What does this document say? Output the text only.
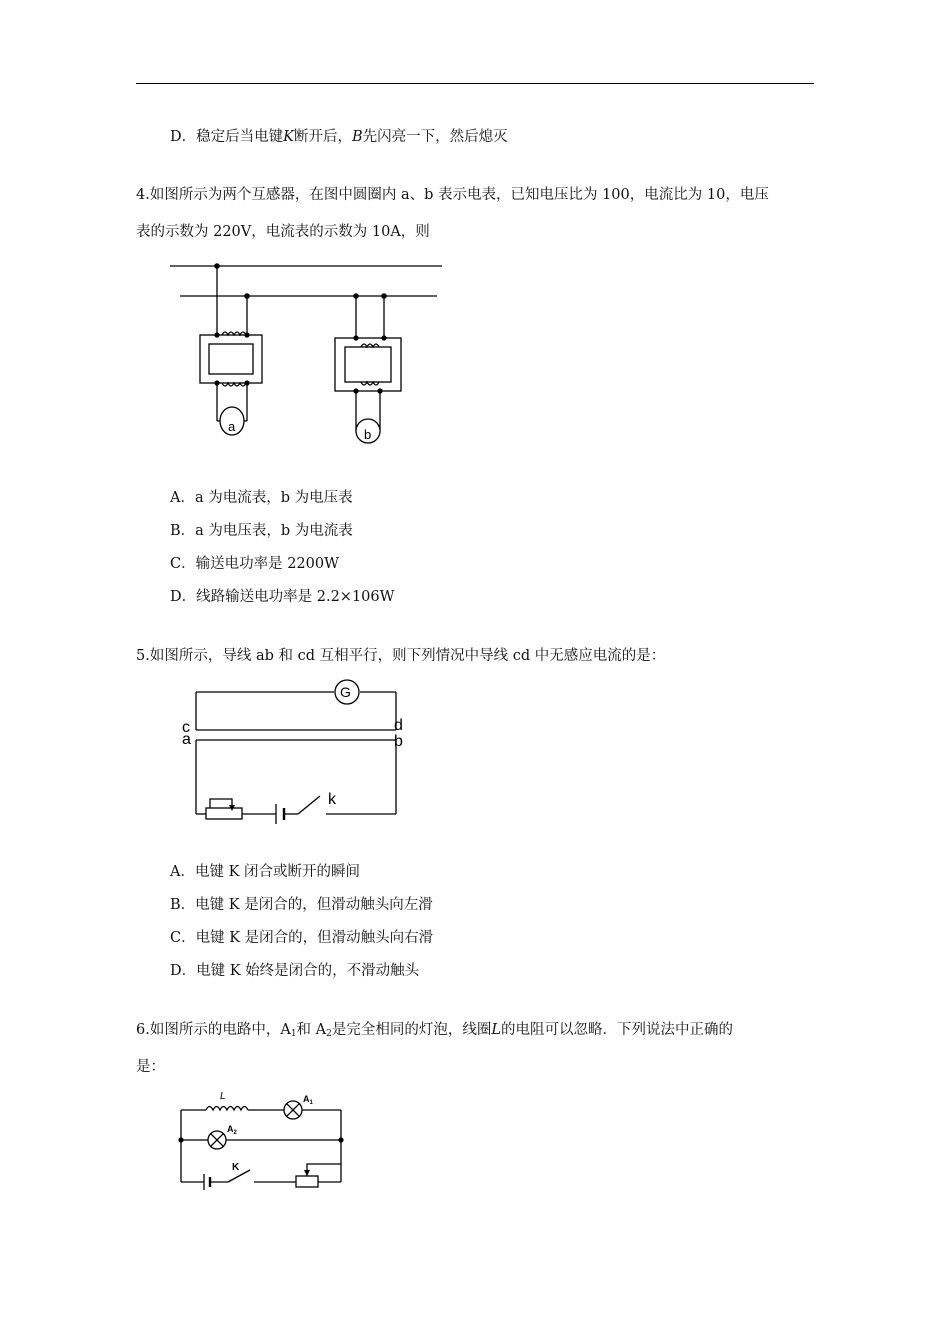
D．稳定后当电键K断开后，B先闪亮一下，然后熄灭
4.如图所示为两个互感器，在图中圆圈内 a、b 表示电表，已知电压比为 100，电流比为 10，电压
表的示数为 220V，电流表的示数为 10A，则
a
b
A．a 为电流表，b 为电压表
B．a 为电压表，b 为电流表
C．输送电功率是 2200W
D．线路输送电功率是 2.2×106W
5.如图所示，导线 ab 和 cd 互相平行，则下列情况中导线 cd 中无感应电流的是：
G
c
a
d
b
k
A．电键 K 闭合或断开的瞬间
B．电键 K 是闭合的，但滑动触头向左滑
C．电键 K 是闭合的，但滑动触头向右滑
D．电键 K 始终是闭合的，不滑动触头
6.如图所示的电路中，$A_1$和 $A_2$是完全相同的灯泡，线圈L的电阻可以忽略．下列说法中正确的
是：
L	$A_1$
$A_2$
K
